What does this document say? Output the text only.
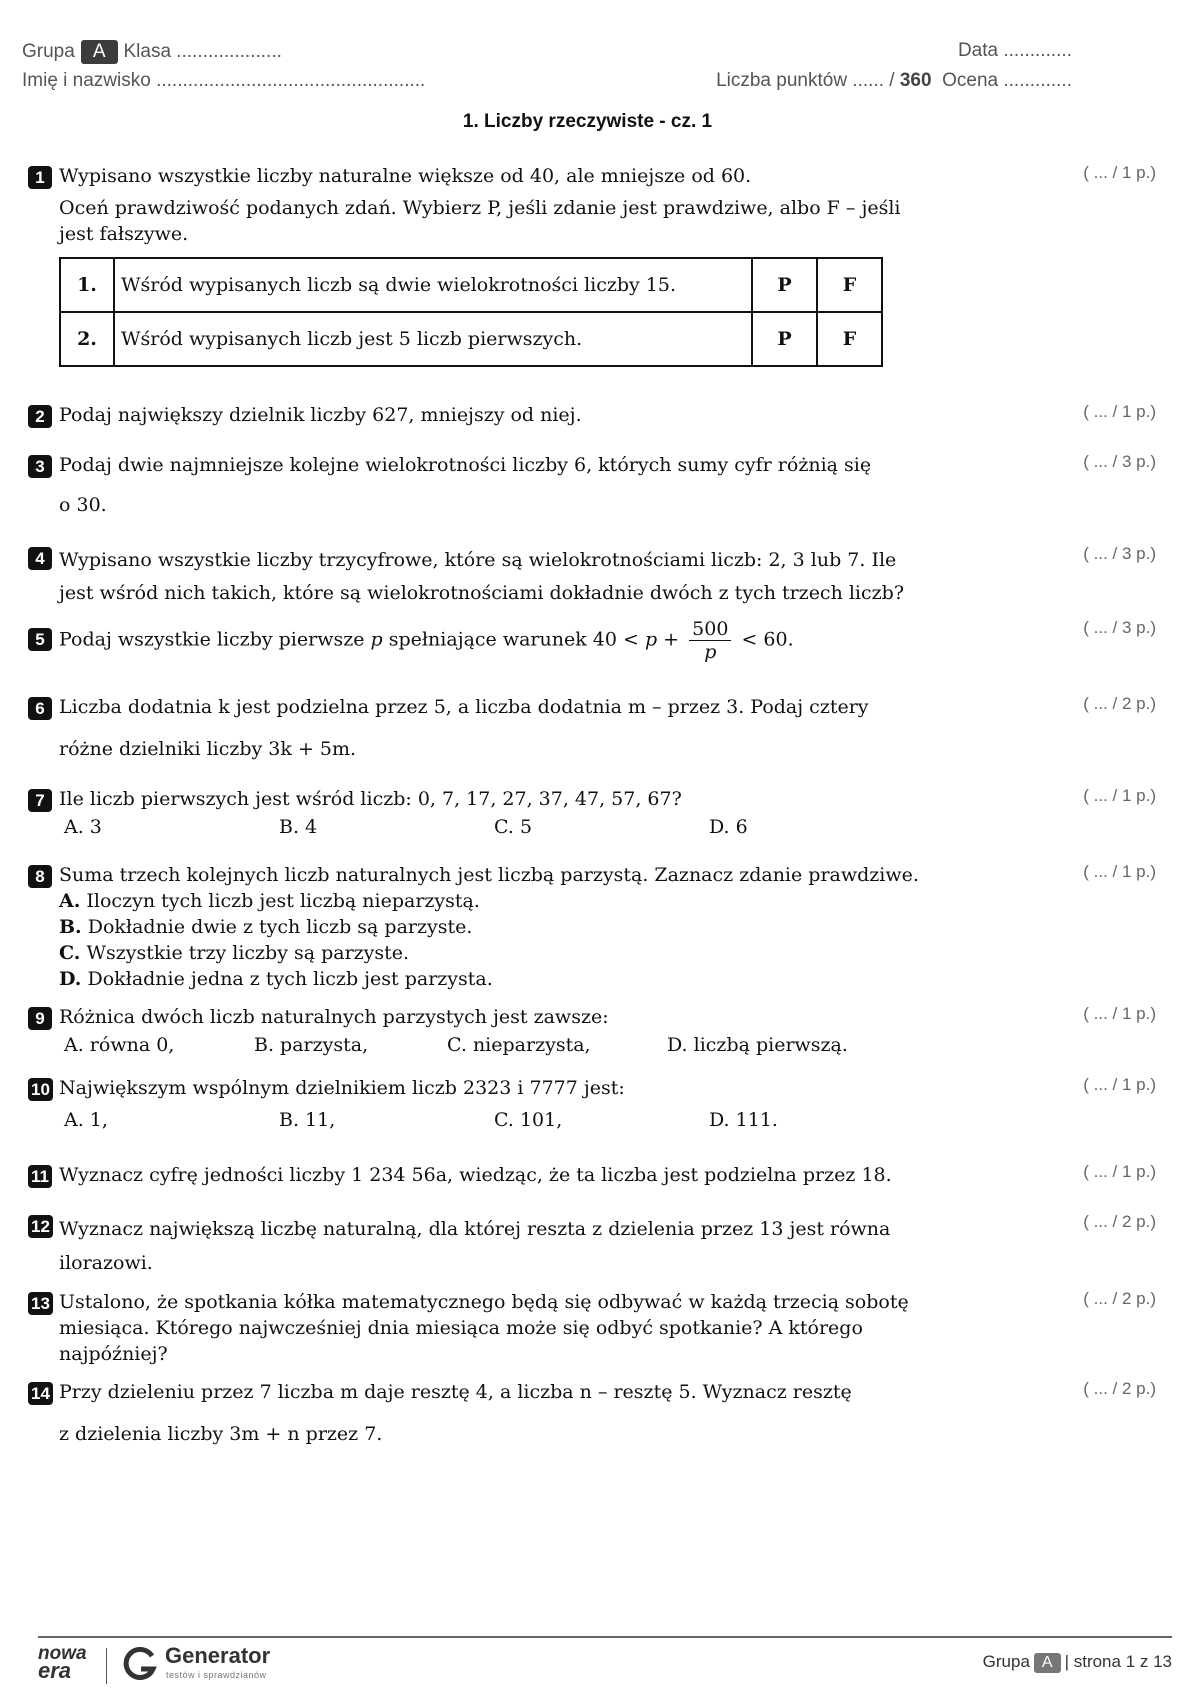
Grupa A Klasa ....................	Data .............
Imię i nazwisko ...................................................	Liczba punktów ...... / 360 Ocena .............
1. Liczby rzeczywiste - cz. 1
1	( ... / 1 p.)
Wypisano wszystkie liczby naturalne większe od 40, ale mniejsze od 60.
Oceń prawdziwość podanych zdań. Wybierz P, jeśli zdanie jest prawdziwe, albo F – jeśli jest fałszywe.
1.	Wśród wypisanych liczb są dwie wielokrotności liczby 15.	P	F
2.	Wśród wypisanych liczb jest 5 liczb pierwszych.	P	F
2	( ... / 1 p.)
Podaj największy dzielnik liczby 627, mniejszy od niej.
3	( ... / 3 p.)
Podaj dwie najmniejsze kolejne wielokrotności liczby 6, których sumy cyfr różnią się
o 30.
4	( ... / 3 p.)
Wypisano wszystkie liczby trzycyfrowe, które są wielokrotnościami liczb: 2, 3 lub 7. Ile jest wśród nich takich, które są wielokrotnościami dokładnie dwóch z tych trzech liczb?
5
( ... / 3 p.)
Podaj wszystkie liczby pierwsze p spełniające warunek $40 < p + \frac{500}{p} < 60$.
6	( ... / 2 p.)
Liczba dodatnia k jest podzielna przez 5, a liczba dodatnia m – przez 3. Podaj cztery
różne dzielniki liczby 3k + 5m.
7	( ... / 1 p.)
Ile liczb pierwszych jest wśród liczb: 0, 7, 17, 27, 37, 47, 57, 67?
A. 3	B. 4	C. 5	D. 6
8	( ... / 1 p.)
Suma trzech kolejnych liczb naturalnych jest liczbą parzystą. Zaznacz zdanie prawdziwe.
A. Iloczyn tych liczb jest liczbą nieparzystą.
B. Dokładnie dwie z tych liczb są parzyste.
C. Wszystkie trzy liczby są parzyste.
D. Dokładnie jedna z tych liczb jest parzysta.
9	( ... / 1 p.)
Różnica dwóch liczb naturalnych parzystych jest zawsze:
A. równa 0,	B. parzysta,	C. nieparzysta,	D. liczbą pierwszą.
10	( ... / 1 p.)
Największym wspólnym dzielnikiem liczb 2323 i 7777 jest:
A. 1,	B. 11,	C. 101,	D. 111.
11	( ... / 1 p.)
Wyznacz cyfrę jedności liczby 1 234 56a, wiedząc, że ta liczba jest podzielna przez 18.
12	( ... / 2 p.)
Wyznacz największą liczbę naturalną, dla której reszta z dzielenia przez 13 jest równa ilorazowi.
13	( ... / 2 p.)
Ustalono, że spotkania kółka matematycznego będą się odbywać w każdą trzecią sobotę miesiąca. Którego najwcześniej dnia miesiąca może się odbyć spotkanie? A którego najpóźniej?
14	( ... / 2 p.)
Przy dzieleniu przez 7 liczba m daje resztę 4, a liczba n – resztę 5. Wyznacz resztę
z dzielenia liczby 3m + n przez 7.
nowa
era
Generator
testów i sprawdzianów
Grupa A | strona 1 z 13
